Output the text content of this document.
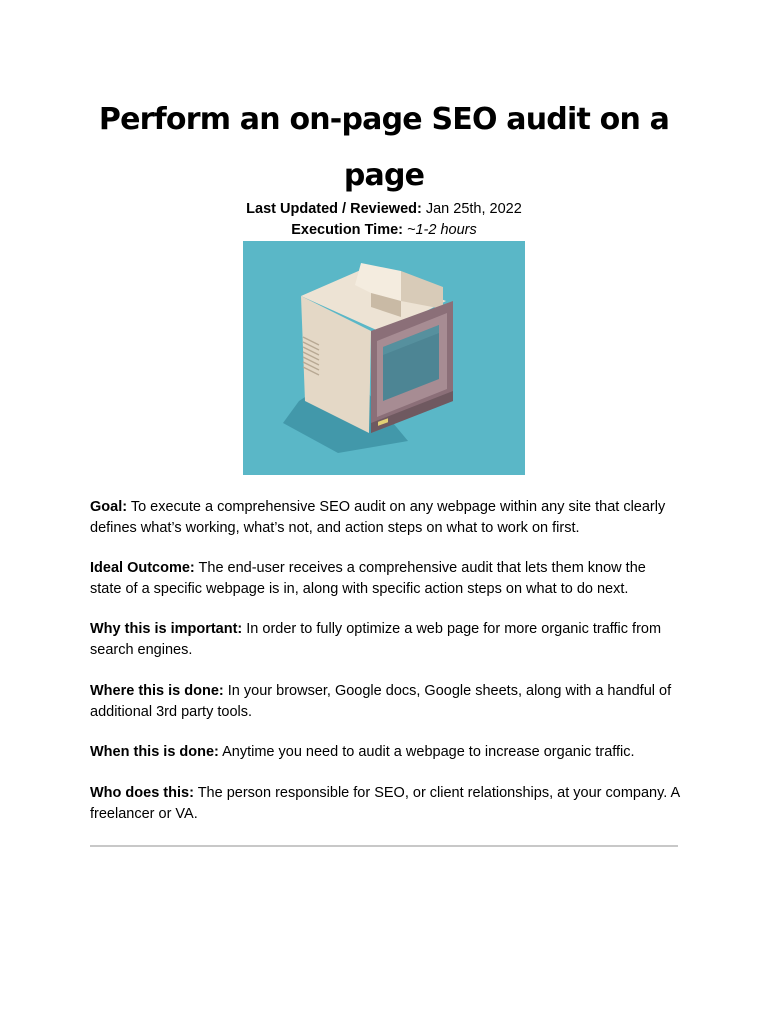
Perform an on-page SEO audit on a page
Last Updated / Reviewed: Jan 25th, 2022
Execution Time: ~1-2 hours

Goal: To execute a comprehensive SEO audit on any webpage within any site that clearly defines what’s working, what’s not, and action steps on what to work on first.

Ideal Outcome: The end-user receives a comprehensive audit that lets them know the state of a specific webpage is in, along with specific action steps on what to do next.

Why this is important: In order to fully optimize a web page for more organic traffic from search engines.

Where this is done: In your browser, Google docs, Google sheets, along with a handful of additional 3rd party tools.

When this is done: Anytime you need to audit a webpage to increase organic traffic.

Who does this: The person responsible for SEO, or client relationships, at your company. A freelancer or VA.
